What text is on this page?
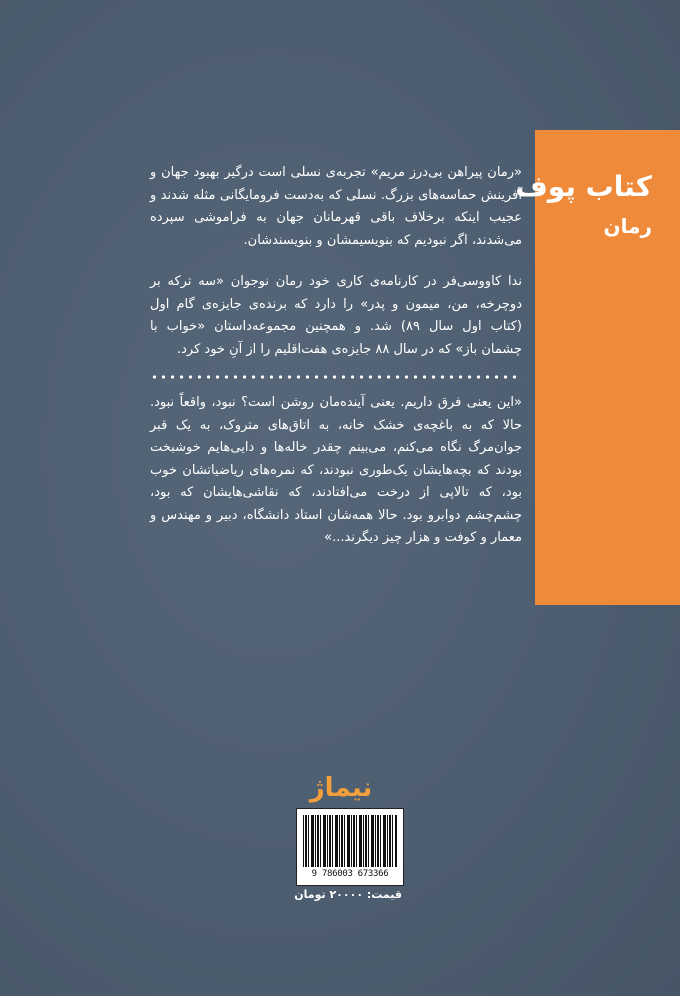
کتاب پوف
رمان

«رمان پیراهن بی‌درز مریم» تجربه‌ی نسلی است درگیر بهبود جهان و آفرینش حماسه‌های بزرگ. نسلی که به‌دست فرومایگانی مثله شدند و عجیب اینکه برخلاف باقی قهرمانان جهان به فراموشی سپرده می‌شدند، اگر نبودیم که بنویسیمشان و بنویسندشان.

ندا کاووسی‌فر در کارنامه‌ی کاری خود رمان نوجوان «سه ترکه بر دوچرخه، من، میمون و پدر» را دارد که برنده‌ی جایزه‌ی گام اول (کتاب اول سال ۸۹) شد. و همچنین مجموعه‌داستان «خواب با چشمان باز» که در سال ۸۸ جایزه‌ی هفت‌اقلیم را از آنِ خود کرد.

«این یعنی فرق داریم. یعنی آینده‌مان روشن است؟ نبود، واقعاً نبود. حالا که به باغچه‌ی خشک خانه، به اتاق‌های متروک، به یک قبر جوان‌مرگ نگاه می‌کنم، می‌بینم چقدر خاله‌ها و دایی‌هایم خوشبخت بودند که بچه‌هایشان یک‌طوری نبودند، که نمره‌های ریاضیاتشان خوب بود، که تالاپی از درخت می‌افتادند، که نقاشی‌هایشان که بود، چشم‌چشم دوابرو بود. حالا همه‌شان استاد دانشگاه، دبیر و مهندس و معمار و کوفت و هزار چیز دیگرند...»

نیماژ
9 786003 673366
قیمت: ۲۰۰۰۰ تومان
